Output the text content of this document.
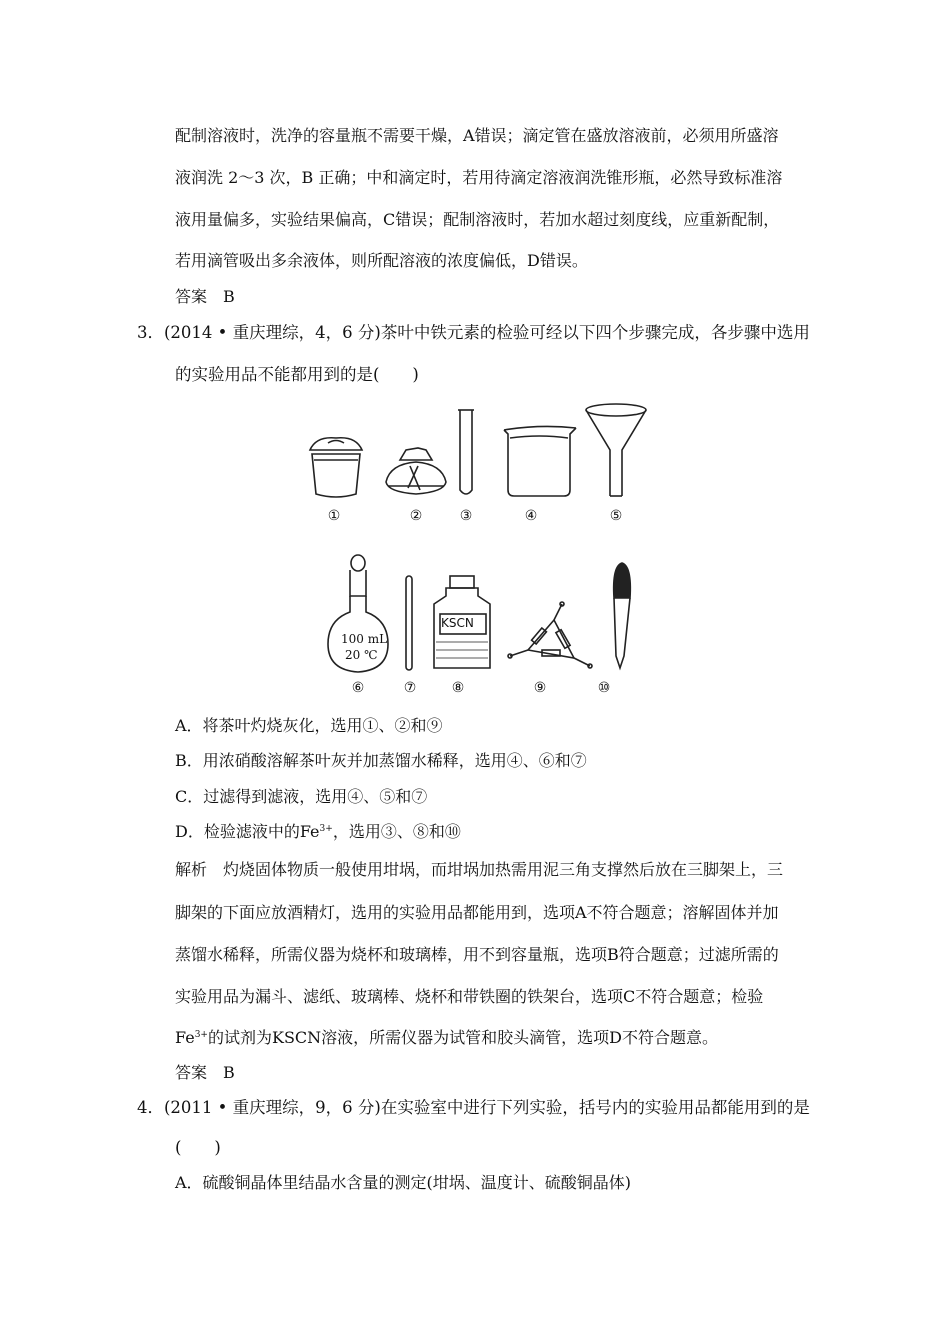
配制溶液时，洗净的容量瓶不需要干燥，A错误；滴定管在盛放溶液前，必须用所盛溶
液润洗 2～3 次，B 正确；中和滴定时，若用待滴定溶液润洗锥形瓶，必然导致标准溶
液用量偏多，实验结果偏高，C错误；配制溶液时，若加水超过刻度线，应重新配制，
若用滴管吸出多余液体，则所配溶液的浓度偏低，D错误。
答案　B
3．(2014 • 重庆理综，4，6 分)茶叶中铁元素的检验可经以下四个步骤完成，各步骤中选用
的实验用品不能都用到的是(　　)
100 mL
20 ℃
KSCN
①	②	③	④	⑤
⑥	⑦	⑧	⑨	⑩
A．将茶叶灼烧灰化，选用①、②和⑨
B．用浓硝酸溶解茶叶灰并加蒸馏水稀释，选用④、⑥和⑦
C．过滤得到滤液，选用④、⑤和⑦
D．检验滤液中的$Fe^{3+}$，选用③、⑧和⑩
解析　灼烧固体物质一般使用坩埚，而坩埚加热需用泥三角支撑然后放在三脚架上，三
脚架的下面应放酒精灯，选用的实验用品都能用到，选项A不符合题意；溶解固体并加
蒸馏水稀释，所需仪器为烧杯和玻璃棒，用不到容量瓶，选项B符合题意；过滤所需的
实验用品为漏斗、滤纸、玻璃棒、烧杯和带铁圈的铁架台，选项C不符合题意；检验
$Fe^{3+}$的试剂为KSCN溶液，所需仪器为试管和胶头滴管，选项D不符合题意。
答案　B
4．(2011 • 重庆理综，9，6 分)在实验室中进行下列实验，括号内的实验用品都能用到的是
(　　)
A．硫酸铜晶体里结晶水含量的测定(坩埚、温度计、硫酸铜晶体)
